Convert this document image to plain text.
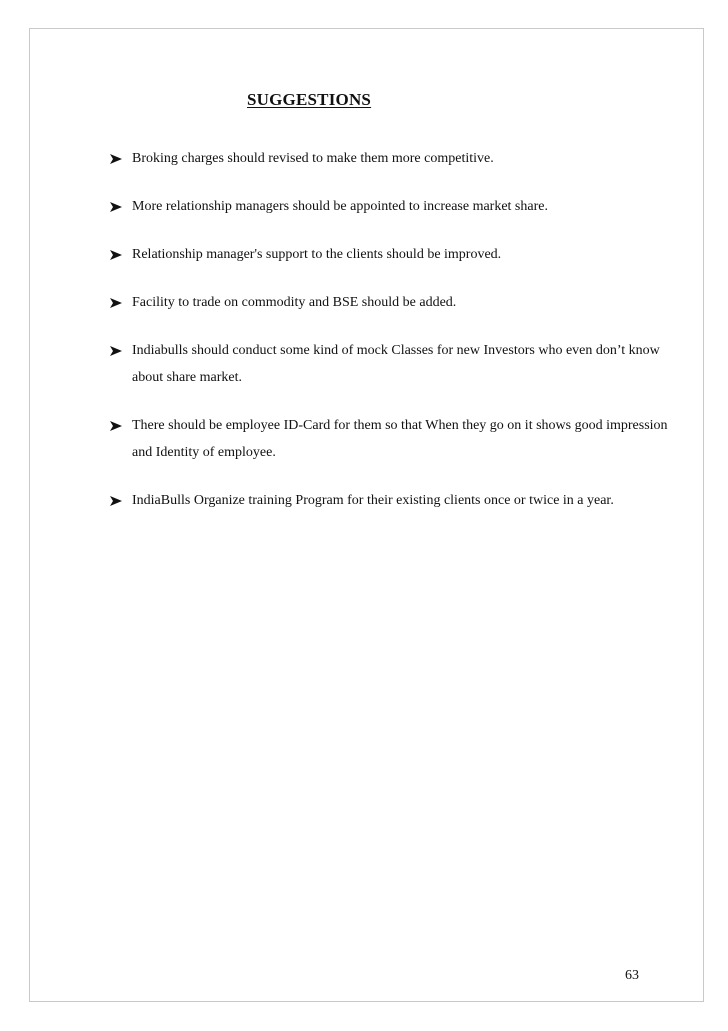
SUGGESTIONS
Broking charges should revised to make them more competitive.
More relationship managers should be appointed to increase market share.
Relationship manager's support to the clients should be improved.
Facility to trade on commodity and BSE should be added.
Indiabulls should conduct some kind of mock Classes for new Investors who even don’t know about share market.
There should be employee ID-Card for them so that When they go on it shows good impression and Identity of employee.
IndiaBulls Organize training Program for their existing clients once or twice in a year.
63
